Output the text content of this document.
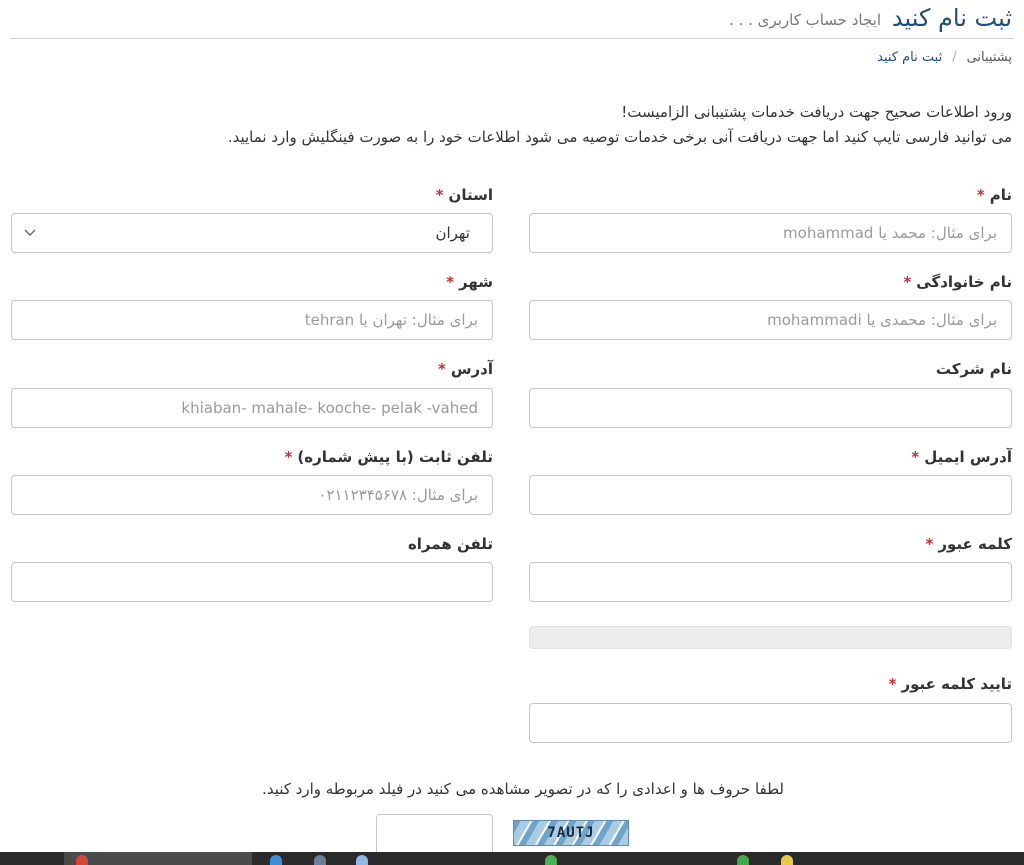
ثبت نام کنید
ایجاد حساب کاربری . . .
پشتیبانی/ثبت نام کنید
ورود اطلاعات صحیح جهت دریافت خدمات پشتیبانی الزامیست!
می توانید فارسی تایپ کنید اما جهت دریافت آنی برخی خدمات توصیه می شود اطلاعات خود را به صورت فینگلیش وارد نمایید.
نام*
برای مثال: محمد یا mohammad
استان*
تهران
نام خانوادگی*
برای مثال: محمدی یا mohammadi
شهر*
برای مثال: تهران یا tehran
نام شرکت
آدرس*
khiaban- mahale- kooche- pelak -vahed
آدرس ایمیل*
تلفن ثابت (با پیش شماره)*
برای مثال: ۰۲۱۱۲۳۴۵۶۷۸
کلمه عبور*
تلفن همراه
تایید کلمه عبور*
لطفا حروف ها و اعدادی را که در تصویر مشاهده می کنید در فیلد مربوطه وارد کنید.
7AUTJ
